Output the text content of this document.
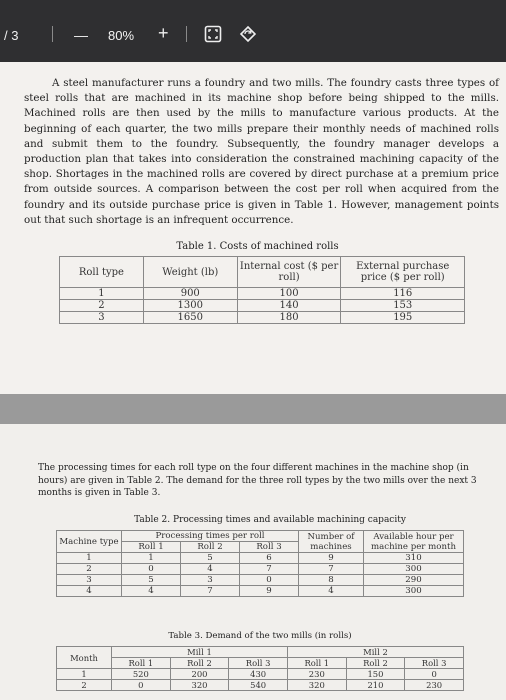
/ 3	— 80% +
A steel manufacturer runs a foundry and two mills. The foundry casts three types of steel rolls that are machined in its machine shop before being shipped to the mills. Machined rolls are then used by the mills to manufacture various products. At the beginning of each quarter, the two mills prepare their monthly needs of machined rolls and submit them to the foundry. Subsequently, the foundry manager develops a production plan that takes into consideration the constrained machining capacity of the shop. Shortages in the machined rolls are covered by direct purchase at a premium price from outside sources. A comparison between the cost per roll when acquired from the foundry and its outside purchase price is given in Table 1. However, management points out that such shortage is an infrequent occurrence.
Table 1. Costs of machined rolls
Roll type	Weight (lb)	Internal cost ($ per roll)	External purchase price ($ per roll)
1	900	100	116
2	1300	140	153
3	1650	180	195
The processing times for each roll type on the four different machines in the machine shop (in hours) are given in Table 2. The demand for the three roll types by the two mills over the next 3 months is given in Table 3.
Table 2. Processing times and available machining capacity
Machine type	Processing times per roll			Number of machines	Available hour per machine per month
	Roll 1	Roll 2	Roll 3		
1	1	5	6	9	310
2	0	4	7	7	300
3	5	3	0	8	290
4	4	7	9	4	300
Table 3. Demand of the two mills (in rolls)
Month	Mill 1			Mill 2		
	Roll 1	Roll 2	Roll 3	Roll 1	Roll 2	Roll 3
1	520	200	430	230	150	0
2	0	320	540	320	210	230
